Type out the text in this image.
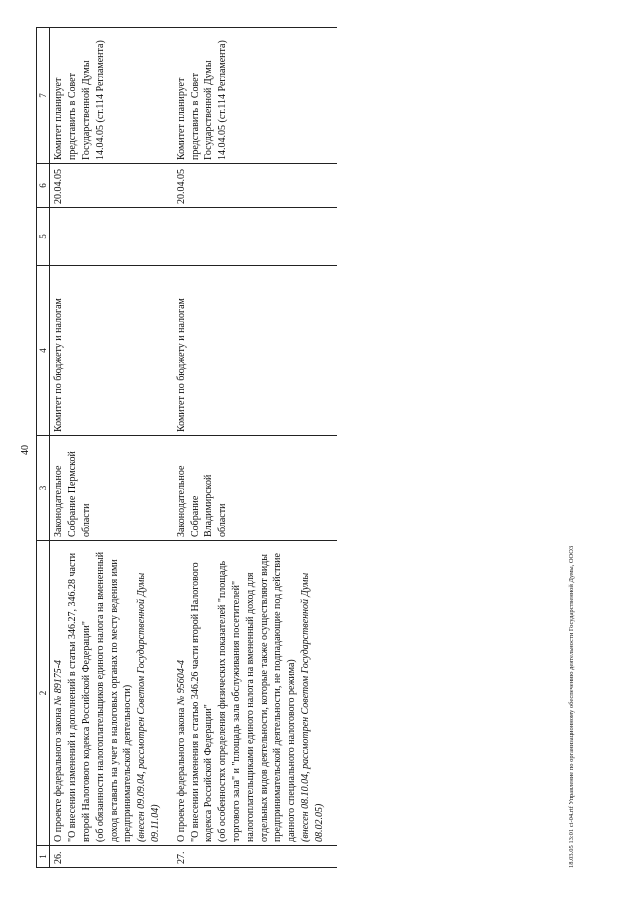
40
1	2	3	4	5	6	7
26.	О проекте федерального закона № 89175-4 "О внесении изменений и дополнений в статьи 346.27, 346.28 части второй Налогового кодекса Российской Федерации" (об обязанности налогоплательщиков единого налога на вмененный доход вставать на учет в налоговых органах по месту ведения ими предпринимательской деятельности) (внесен 09.09.04, рассмотрен Советом Государственной Думы 09.11.04)	Законодательное Собрание Пермской области	Комитет по бюджету и налогам		20.04.05	Комитет планирует представить в Совет Государственной Думы 14.04.05 (ст.114 Регламента)
27.	О проекте федерального закона № 95604-4 "О внесении изменения в статью 346.26 части второй Налогового кодекса Российской Федерации" (об особенностях определения физических показателей "площадь торгового зала" и "площадь зала обслуживания посетителей" налогоплательщиками единого налога на вмененный доход для отдельных видов деятельности, которые также осуществляют виды предпринимательской деятельности, не подпадающие под действие данного специального налогового режима) (внесен 08.10.04, рассмотрен Советом Государственной Думы 08.02.05)	Законодательное Собрание Владимирской области	Комитет по бюджету и налогам		20.04.05	Комитет планирует представить в Совет Государственной Думы 14.04.05 (ст.114 Регламента)
18.03.05 13:01 сi-04.rtf Управление по организационному обеспечению деятельности Государственной Думы, ООО3
